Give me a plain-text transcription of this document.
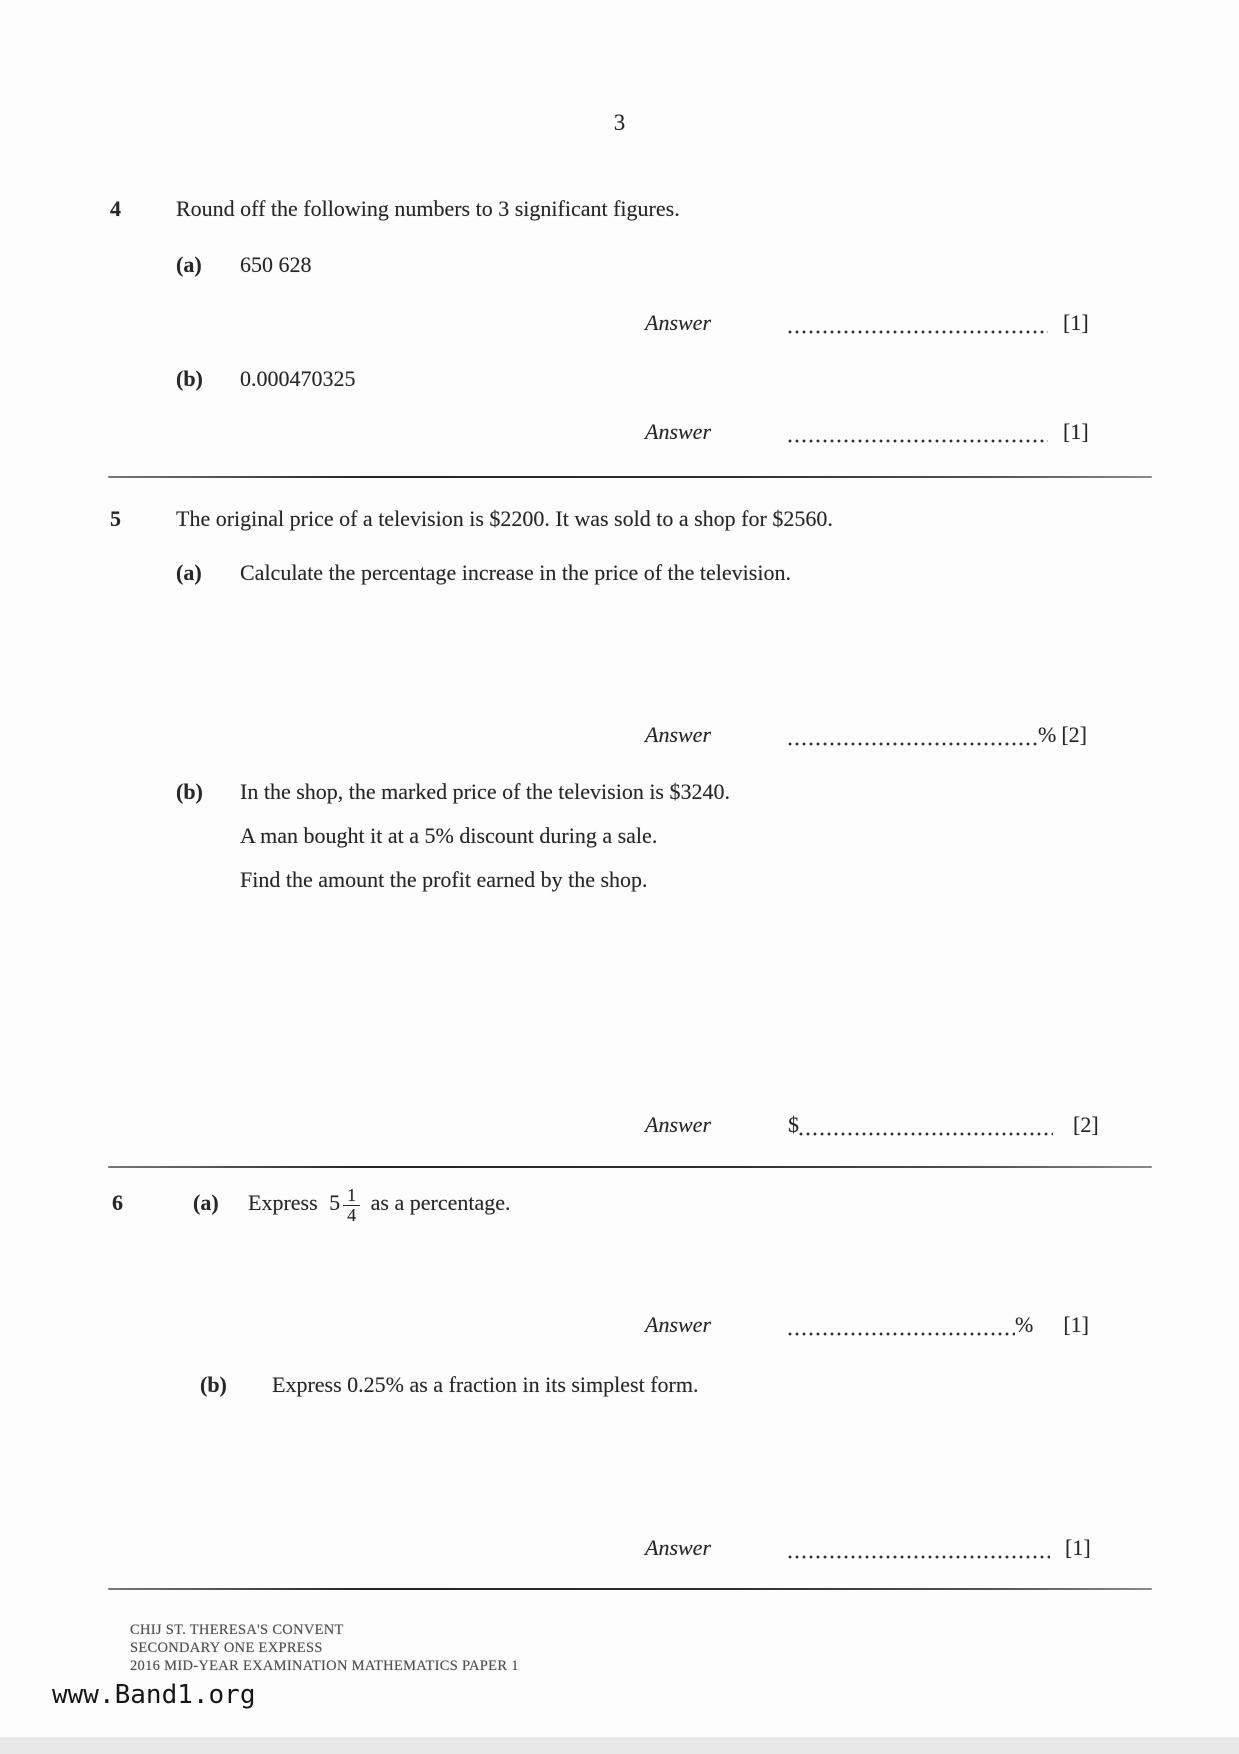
3
4	Round off the following numbers to 3 significant figures.
(a) 650 628
Answer	[1]
(b) 0.000470325
Answer	[1]
5	The original price of a television is $2200. It was sold to a shop for $2560.
(a) Calculate the percentage increase in the price of the television.
Answer	% [2]
(b) In the shop, the marked price of the television is $3240.
A man bought it at a 5% discount during a sale.
Find the amount the profit earned by the shop.
Answer	$	[2]
6	(a) Express $5 \frac{1}{4}$ as a percentage.
Answer	% [1]
(b) Express 0.25% as a fraction in its simplest form.
Answer	[1]
CHIJ ST. THERESA'S CONVENT
SECONDARY ONE EXPRESS
2016 MID-YEAR EXAMINATION MATHEMATICS PAPER 1
www.Band1.org
